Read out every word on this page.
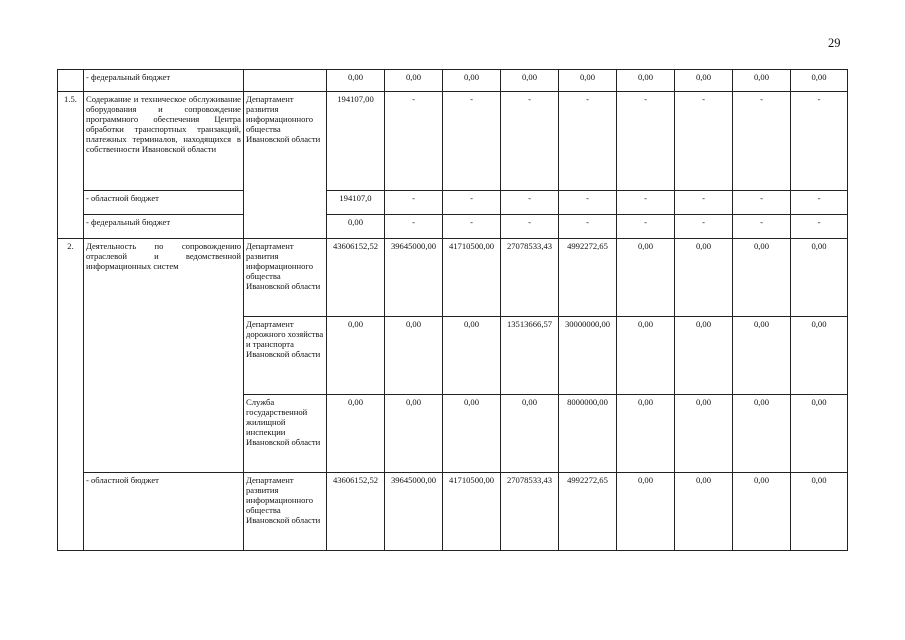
29
	- федеральный бюджет		0,00	0,00	0,00	0,00	0,00	0,00	0,00	0,00	0,00
1.5.	Содержание и техническое обслуживание оборудования и сопровождение программного обеспечения Центра обработки транспортных транзакций, платежных терминалов, находящихся в собственности Ивановской области	Департамент развития информационного общества Ивановской области	194107,00	-	-	-	-	-	-	-	-
	- областной бюджет		194107,0	-	-	-	-	-	-	-	-
	- федеральный бюджет		0,00	-	-	-	-	-	-	-	-
2.	Деятельность по сопровождению отраслевой и ведомственной информационных систем	Департамент развития информационного общества Ивановской области	43606152,52	39645000,00	41710500,00	27078533,43	4992272,65	0,00	0,00	0,00	0,00
		Департамент дорожного хозяйства и транспорта Ивановской области	0,00	0,00	0,00	13513666,57	30000000,00	0,00	0,00	0,00	0,00
		Служба государственной жилищной инспекции Ивановской области	0,00	0,00	0,00	0,00	8000000,00	0,00	0,00	0,00	0,00
	- областной бюджет	Департамент развития информационного общества Ивановской области	43606152,52	39645000,00	41710500,00	27078533,43	4992272,65	0,00	0,00	0,00	0,00
